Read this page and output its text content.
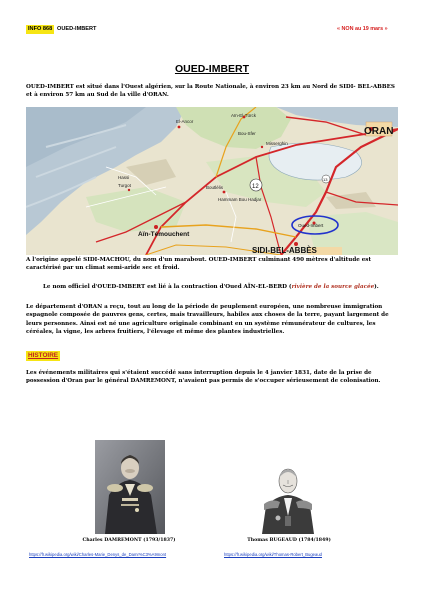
INFO 868 OUED-IMBERT	« NON au 19 mars »
OUED-IMBERT
OUED-IMBERT est situé dans l'Ouest algérien, sur la Route Nationale, à environ 23 km au Nord de SIDI- BEL-ABBES et à environ 57 km au Sud de la ville d'ORAN.
ORAN
Aïn-El-Türck
El-Ancor
Bou-Sfer
Misserghin
Boutlélis
Turgot
Hassi
Hammam Bou Hadjar
Oued-Imbert
Aïn-Témouchent
SIDI-BEL-ABBÈS
12
13
A l'origine appelé SIDI-MACHOU, du nom d'un marabout. OUED-IMBERT culminant 490 mètres d'altitude est caractérisé par un climat semi-aride sec et froid.
Le nom officiel d'OUED-IMBERT est lié à la contraction d'Oued AÏN-EL-BERD (rivière de la source glacée).
Le département d'ORAN a reçu, tout au long de la période de peuplement européen, une nombreuse immigration espagnole composée de pauvres gens, certes, mais travailleurs, habiles aux choses de la terre, payant largement de leurs personnes. Ainsi est né une agriculture originale combinant en un système rémunérateur de cultures, les céréales, la vigne, les arbres fruitiers, l'élevage et même des plantes industrielles.
HISTOIRE
Les événements militaires qui s'étaient succédé sans interruption depuis le 4 janvier 1831, date de la prise de possession d'Oran par le général DAMREMONT, n'avaient pas permis de s'occuper sérieusement de colonisation.
Charles DAMREMONT (1793/1837)	Thomas BUGEAUD (1784/1849)
https://fr.wikipedia.org/wiki/Charles-Marie_Denys_de_Damr%C3%A9mont	https://fr.wikipedia.org/wiki/Thomas-Robert_Bugeaud
